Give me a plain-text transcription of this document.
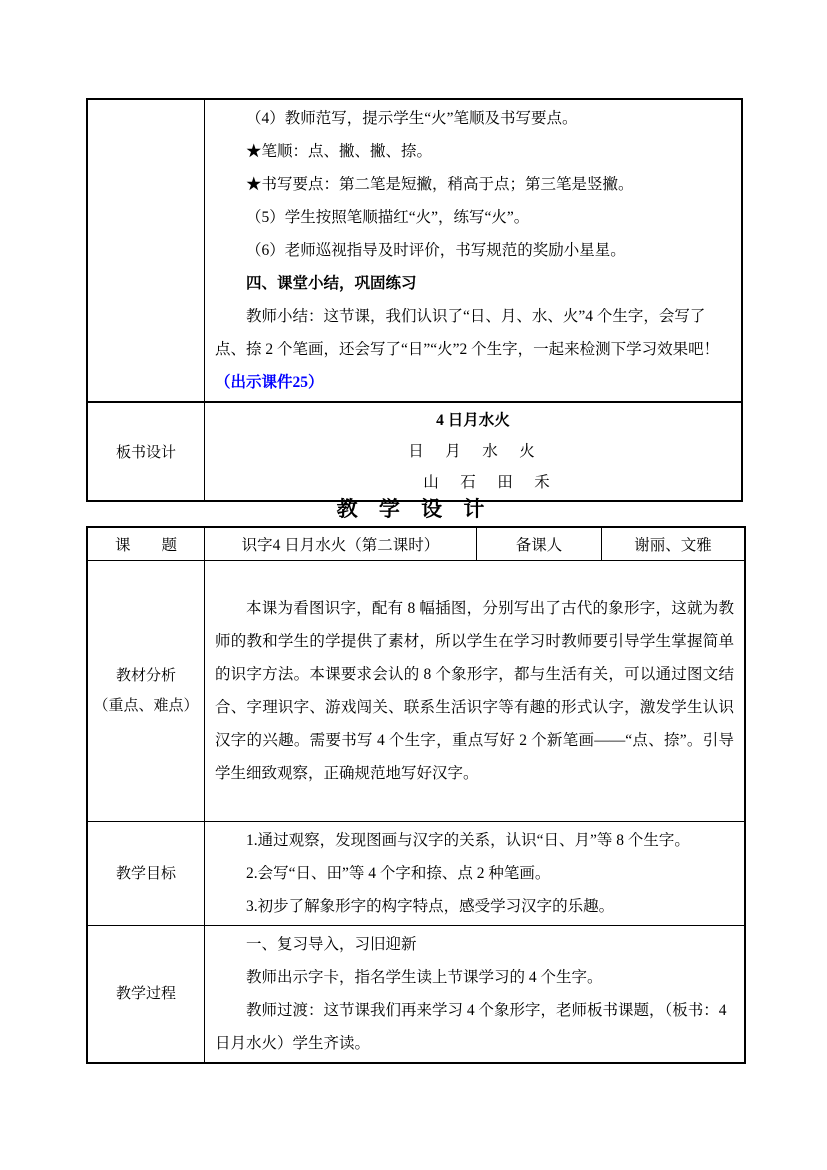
（4）教师范写，提示学生“火”笔顺及书写要点。

★笔顺：点、撇、撇、捺。

★书写要点：第二笔是短撇，稍高于点；第三笔是竖撇。

（5）学生按照笔顺描红“火”，练写“火”。

（6）老师巡视指导及时评价，书写规范的奖励小星星。

四、课堂小结，巩固练习

教师小结：这节课，我们认识了“日、月、水、火”4 个生字，会写了点、捺 2 个笔画，还会写了“日”“火”2 个生字，一起来检测下学习效果吧！（出示课件25）

板书设计	4 日月水火

日　月　水　火

山　石　田　禾

教 学 设 计
课　　题	识字4 日月水火（第二课时）	备课人	谢丽、文雅

教材分析
（重点、难点）	本课为看图识字，配有 8 幅插图，分别写出了古代的象形字，这就为教师的教和学生的学提供了素材，所以学生在学习时教师要引导学生掌握简单的识字方法。本课要求会认的 8 个象形字，都与生活有关，可以通过图文结合、字理识字、游戏闯关、联系生活识字等有趣的形式认字，激发学生认识汉字的兴趣。需要书写 4 个生字，重点写好 2 个新笔画——“点、捺”。引导学生细致观察，正确规范地写好汉字。		

教学目标	1.通过观察，发现图画与汉字的关系，认识“日、月”等 8 个生字。

2.会写“日、田”等 4 个字和捺、点 2 种笔画。

3.初步了解象形字的构字特点，感受学习汉字的乐趣。		

教学过程	一、复习导入，习旧迎新

教师出示字卡，指名学生读上节课学习的 4 个生字。

教师过渡：这节课我们再来学习 4 个象形字，老师板书课题，（板书：4 日月水火）学生齐读。		
